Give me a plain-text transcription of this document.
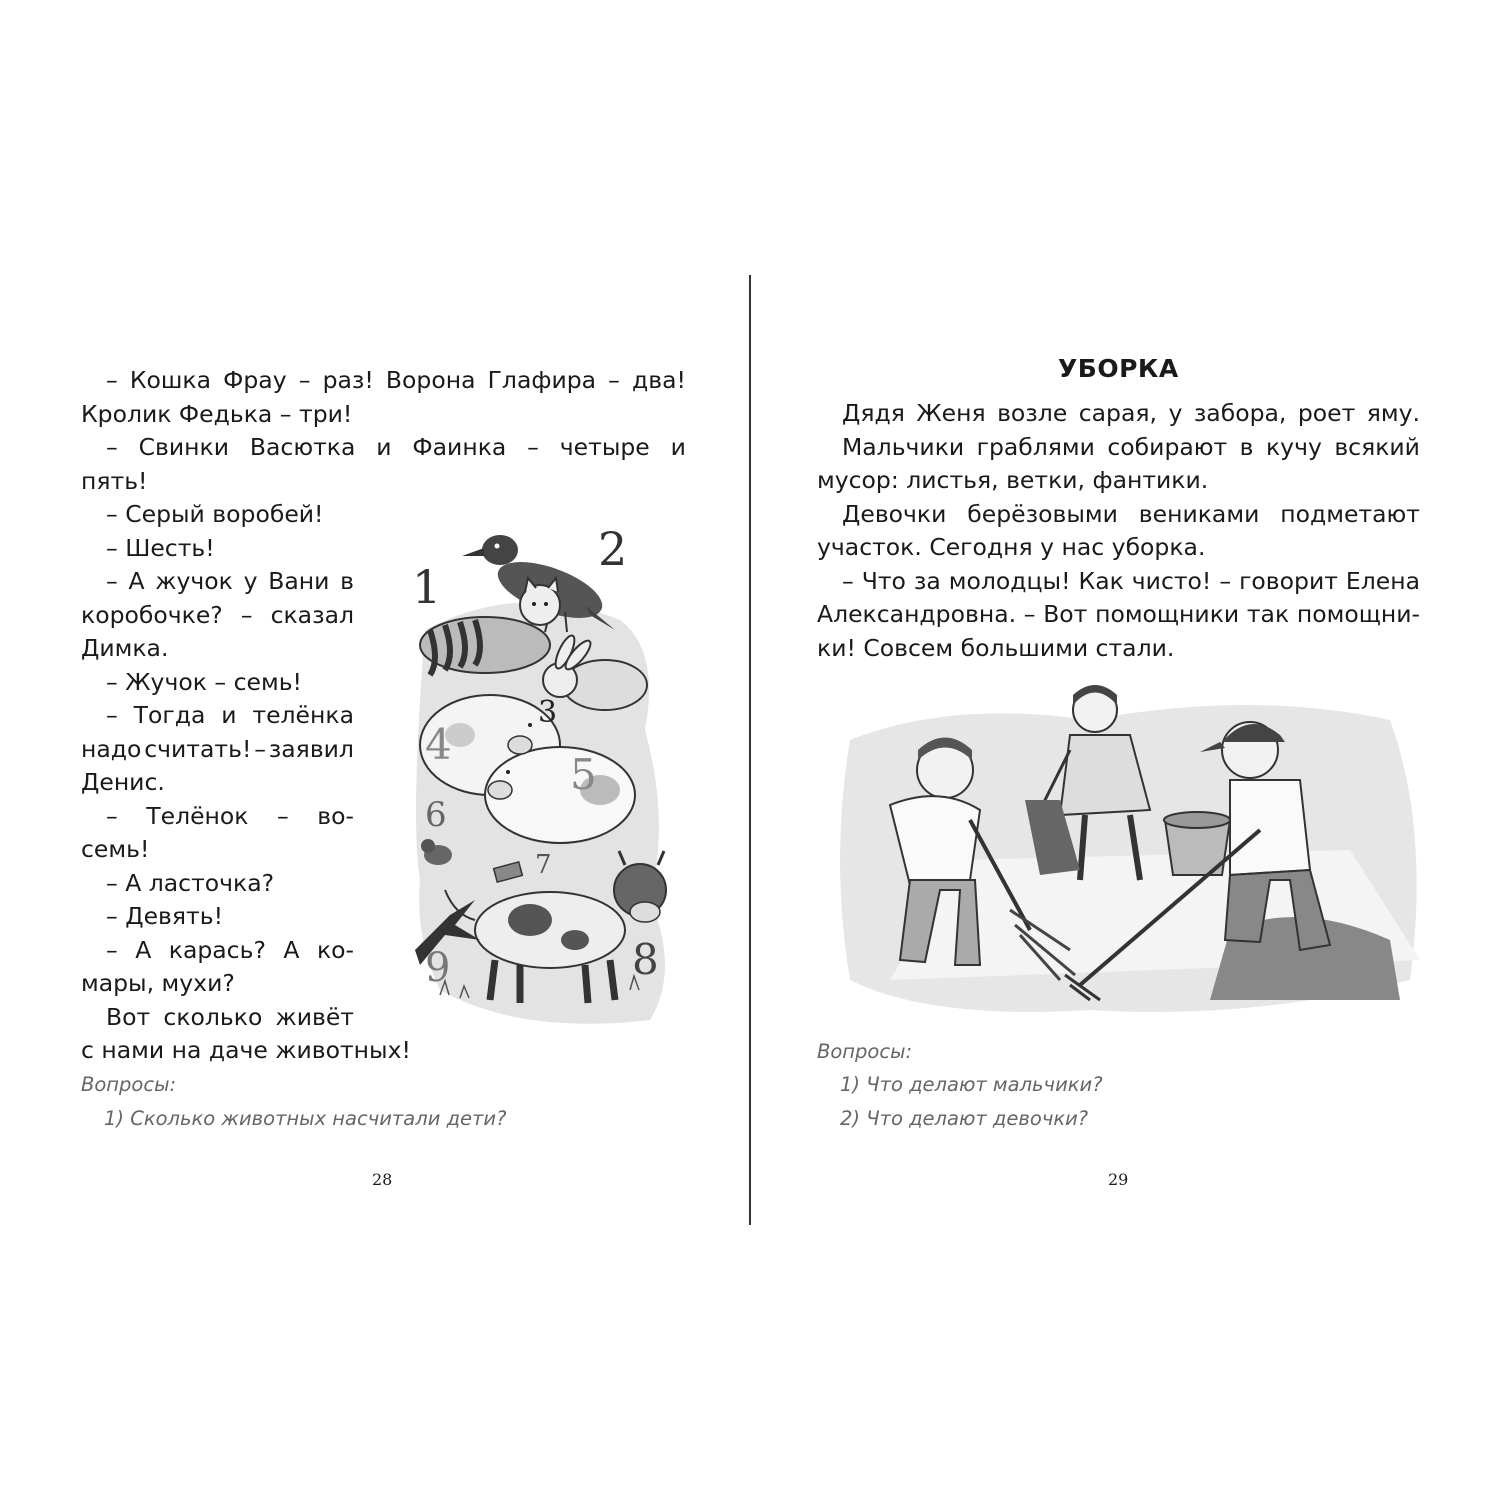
– Кошка Фрау – раз! Ворона Глафира – два!
Кролик Федька – три!
– Свинки Васютка и Фаинка – четыре и
пять!
– Серый воробей!
– Шесть!
– А жучок у Вани в
коробочке? – сказал
Димка.
– Жучок – семь!
– Тогда и телёнка
надо считать! – заявил
Денис.
– Телёнок – во-
семь!
– А ласточка?
– Девять!
– А карась? А ко-
мары, мухи?
Вот сколько живёт
с нами на даче животных!
1
2
3
4
5
6
7
8
9
Вопросы:
1) Сколько животных насчитали дети?
28
УБОРКА
Дядя Женя возле сарая, у забора, роет яму.
Мальчики граблями собирают в кучу всякий
мусор: листья, ветки, фантики.
Девочки берёзовыми вениками подметают
участок. Сегодня у нас уборка.
– Что за молодцы! Как чисто! – говорит Елена
Александровна. – Вот помощники так помощни-
ки! Совсем большими стали.
Вопросы:
1) Что делают мальчики?
2) Что делают девочки?
29
